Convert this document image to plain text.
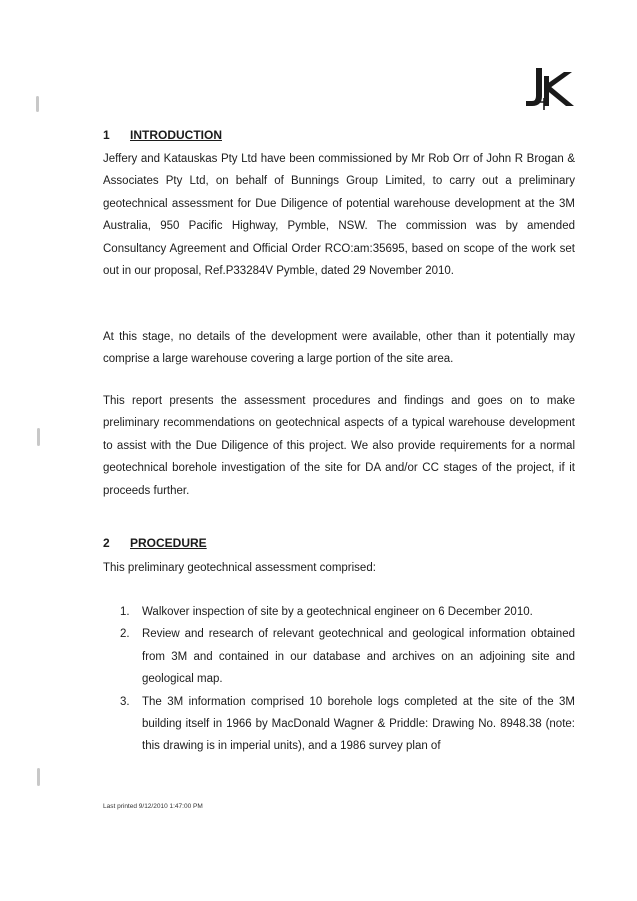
1 INTRODUCTION

Jeffery and Katauskas Pty Ltd have been commissioned by Mr Rob Orr of John R Brogan & Associates Pty Ltd, on behalf of Bunnings Group Limited, to carry out a preliminary geotechnical assessment for Due Diligence of potential warehouse development at the 3M Australia, 950 Pacific Highway, Pymble, NSW. The commission was by amended Consultancy Agreement and Official Order RCO:am:35695, based on scope of the work set out in our proposal, Ref.P33284V Pymble, dated 29 November 2010.

At this stage, no details of the development were available, other than it potentially may comprise a large warehouse covering a large portion of the site area.

This report presents the assessment procedures and findings and goes on to make preliminary recommendations on geotechnical aspects of a typical warehouse development to assist with the Due Diligence of this project. We also provide requirements for a normal geotechnical borehole investigation of the site for DA and/or CC stages of the project, if it proceeds further.

2 PROCEDURE

This preliminary geotechnical assessment comprised:

1. Walkover inspection of site by a geotechnical engineer on 6 December 2010.
2. Review and research of relevant geotechnical and geological information obtained from 3M and contained in our database and archives on an adjoining site and geological map.
3. The 3M information comprised 10 borehole logs completed at the site of the 3M building itself in 1966 by MacDonald Wagner & Priddle: Drawing No. 8948.38 (note: this drawing is in imperial units), and a 1986 survey plan of
Last printed 9/12/2010 1:47:00 PM
